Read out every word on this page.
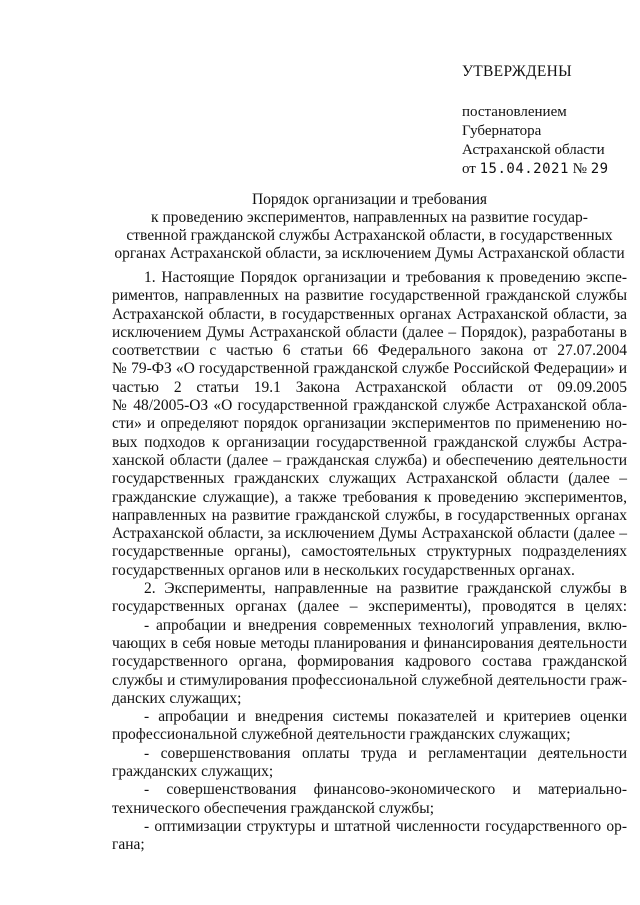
УТВЕРЖДЕНЫ
постановлением
Губернатора
Астраханской области
от 15.04.2021 № 29
Порядок организации и требования
к проведению экспериментов, направленных на развитие государ-
ственной гражданской службы Астраханской области, в государственных
органах Астраханской области, за исключением Думы Астраханской области
1. Настоящие Порядок организации и требования к проведению экспе-
риментов, направленных на развитие государственной гражданской службы
Астраханской области, в государственных органах Астраханской области, за
исключением Думы Астраханской области (далее – Порядок), разработаны в
соответствии с частью 6 статьи 66 Федерального закона от 27.07.2004
№ 79-ФЗ «О государственной гражданской службе Российской Федерации» и
частью 2 статьи 19.1 Закона Астраханской области от 09.09.2005
№ 48/2005-ОЗ «О государственной гражданской службе Астраханской обла-
сти» и определяют порядок организации экспериментов по применению но-
вых подходов к организации государственной гражданской службы Астра-
ханской области (далее – гражданская служба) и обеспечению деятельности
государственных гражданских служащих Астраханской области (далее –
гражданские служащие), а также требования к проведению экспериментов,
направленных на развитие гражданской службы, в государственных органах
Астраханской области, за исключением Думы Астраханской области (далее –
государственные органы), самостоятельных структурных подразделениях
государственных органов или в нескольких государственных органах.
2. Эксперименты, направленные на развитие гражданской службы в
государственных органах (далее – эксперименты), проводятся в целях:
- апробации и внедрения современных технологий управления, вклю-
чающих в себя новые методы планирования и финансирования деятельности
государственного органа, формирования кадрового состава гражданской
службы и стимулирования профессиональной служебной деятельности граж-
данских служащих;
- апробации и внедрения системы показателей и критериев оценки
профессиональной служебной деятельности гражданских служащих;
- совершенствования оплаты труда и регламентации деятельности
гражданских служащих;
- совершенствования финансово-экономического и материально-
технического обеспечения гражданской службы;
- оптимизации структуры и штатной численности государственного ор-
гана;
